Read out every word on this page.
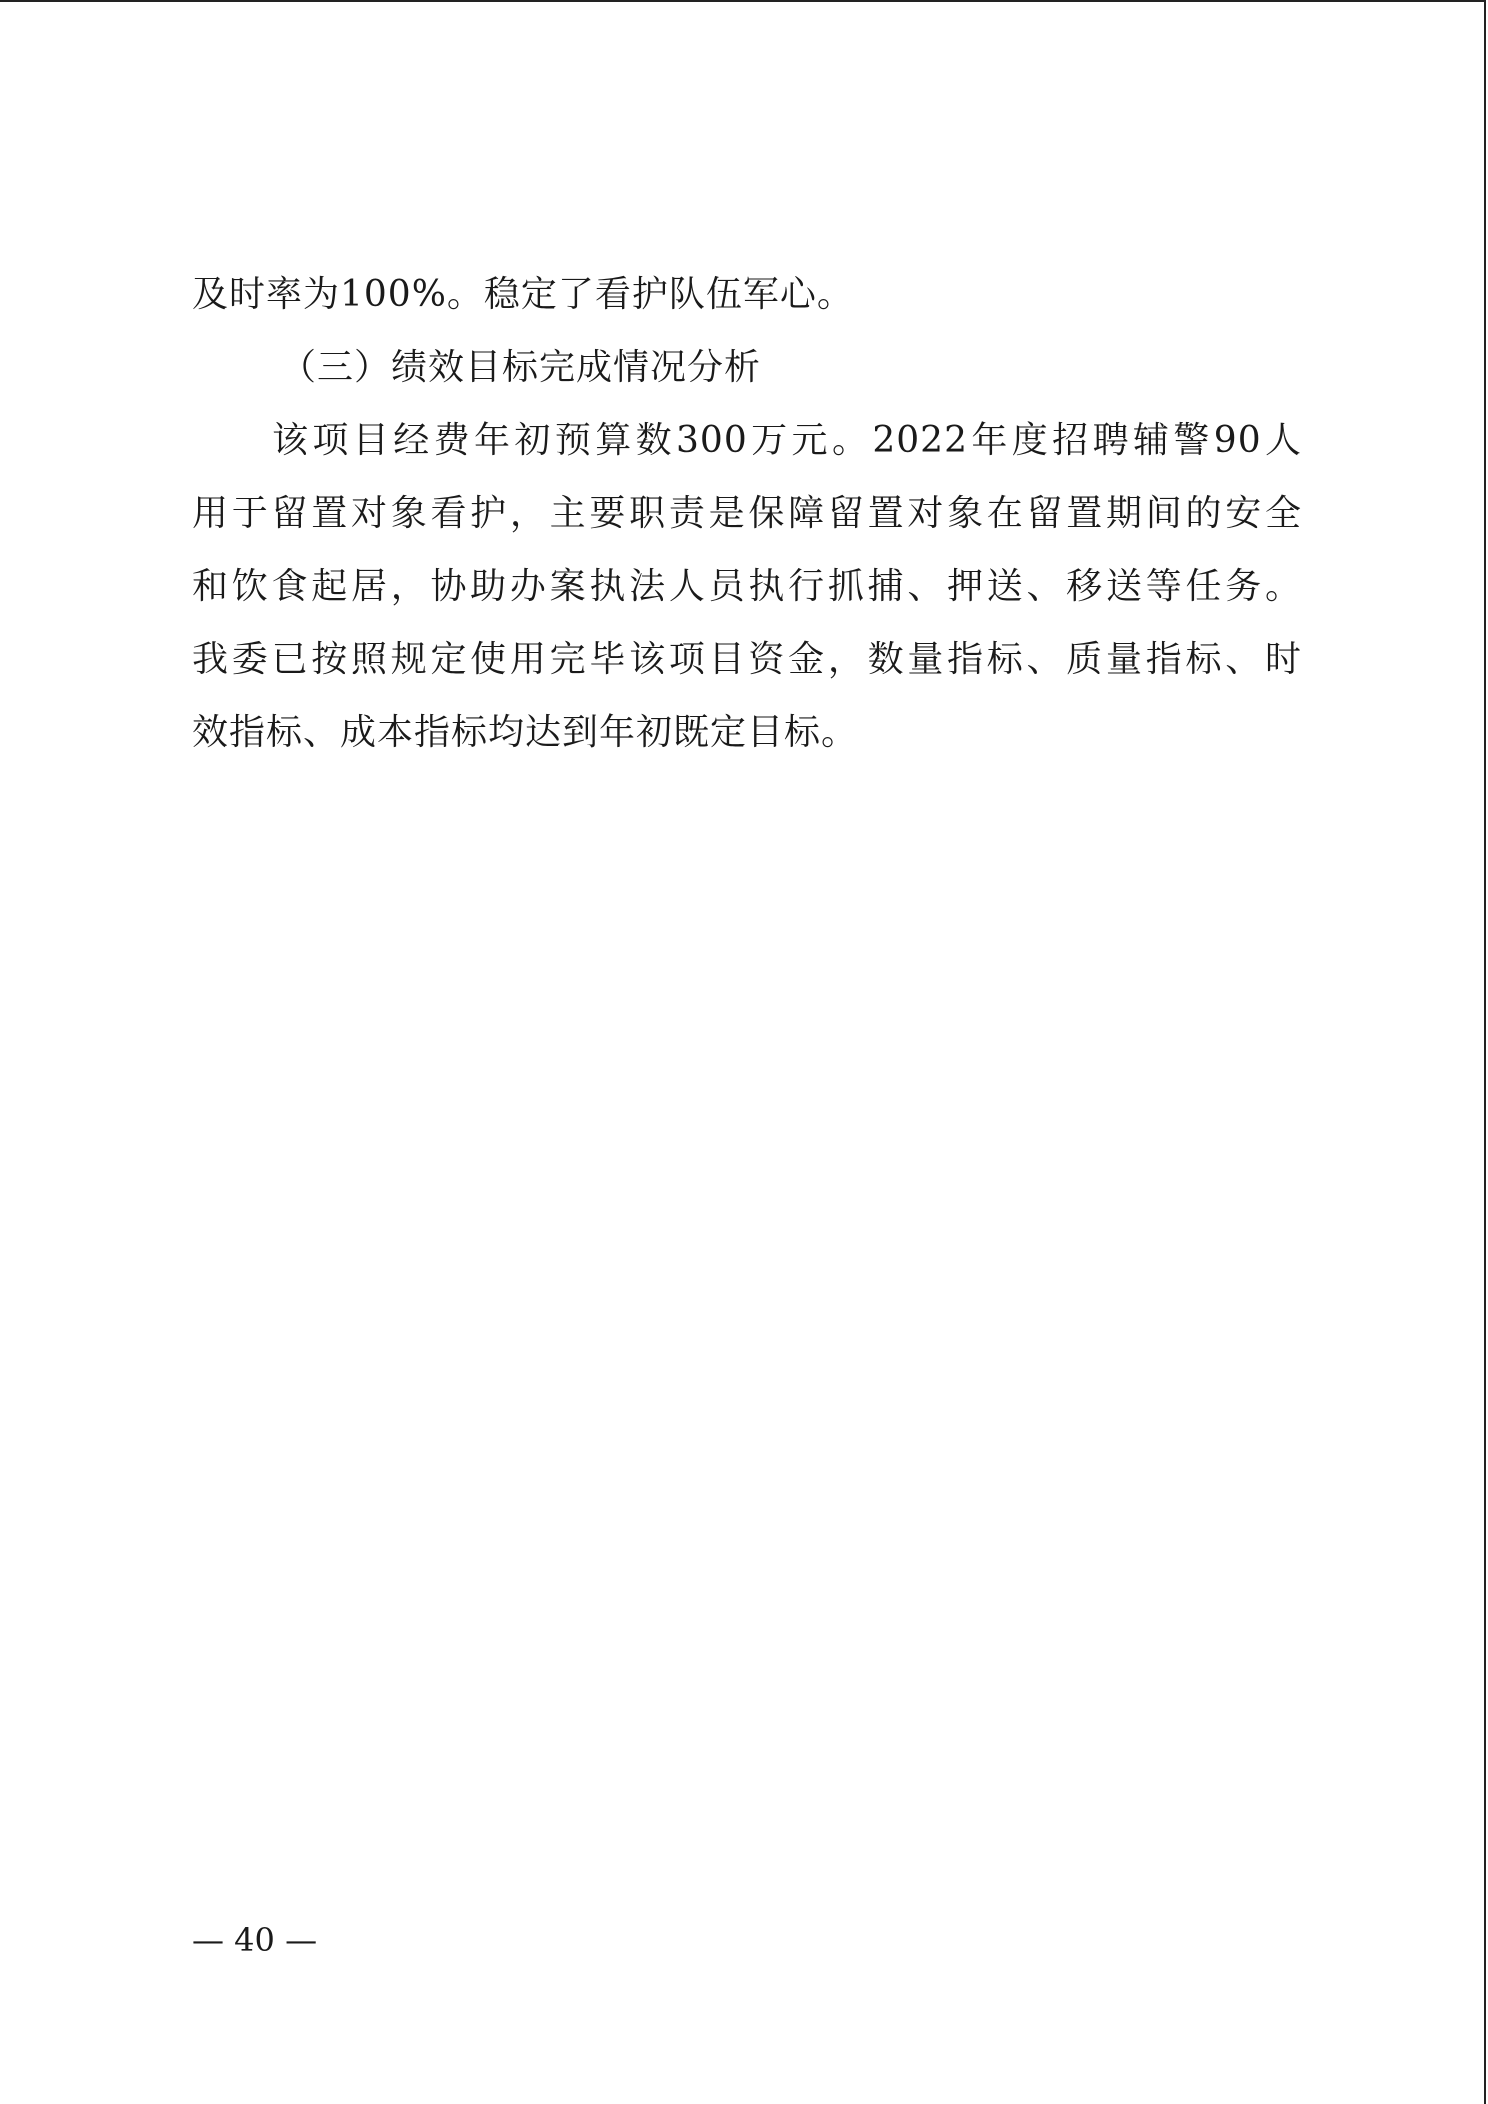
及时率为100%。稳定了看护队伍军心。
（三）绩效目标完成情况分析
该项目经费年初预算数300万元。2022年度招聘辅警90人
用于留置对象看护，主要职责是保障留置对象在留置期间的安全
和饮食起居，协助办案执法人员执行抓捕、押送、移送等任务。
我委已按照规定使用完毕该项目资金，数量指标、质量指标、时
效指标、成本指标均达到年初既定目标。
— 40 —
